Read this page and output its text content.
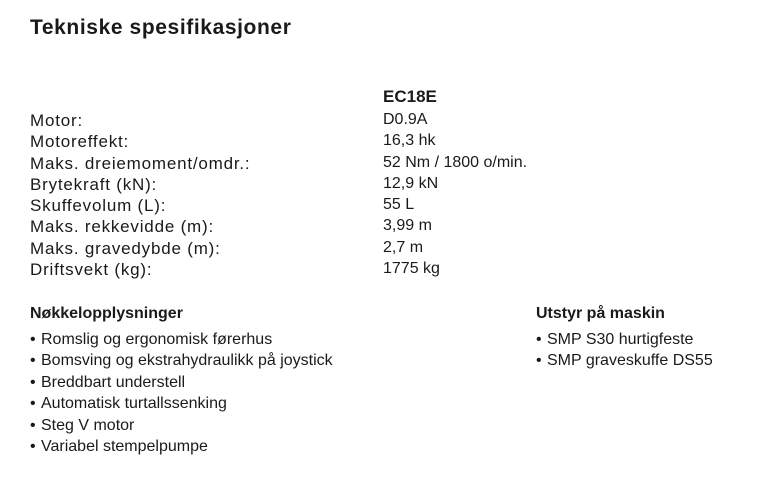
Tekniske spesifikasjoner
EC18E
Motor:	D0.9A
Motoreffekt:	16,3 hk
Maks. dreiemoment/omdr.:	52 Nm / 1800 o/min.
Brytekraft (kN):	12,9 kN
Skuffevolum (L):	55 L
Maks. rekkevidde (m):	3,99 m
Maks. gravedybde (m):	2,7 m
Driftsvekt (kg):	1775 kg
Nøkkelopplysninger
• Romslig og ergonomisk førerhus
• Bomsving og ekstrahydraulikk på joystick
• Breddbart understell
• Automatisk turtallssenking
• Steg V motor
• Variabel stempelpumpe
Utstyr på maskin
• SMP S30 hurtigfeste
• SMP graveskuffe DS55
